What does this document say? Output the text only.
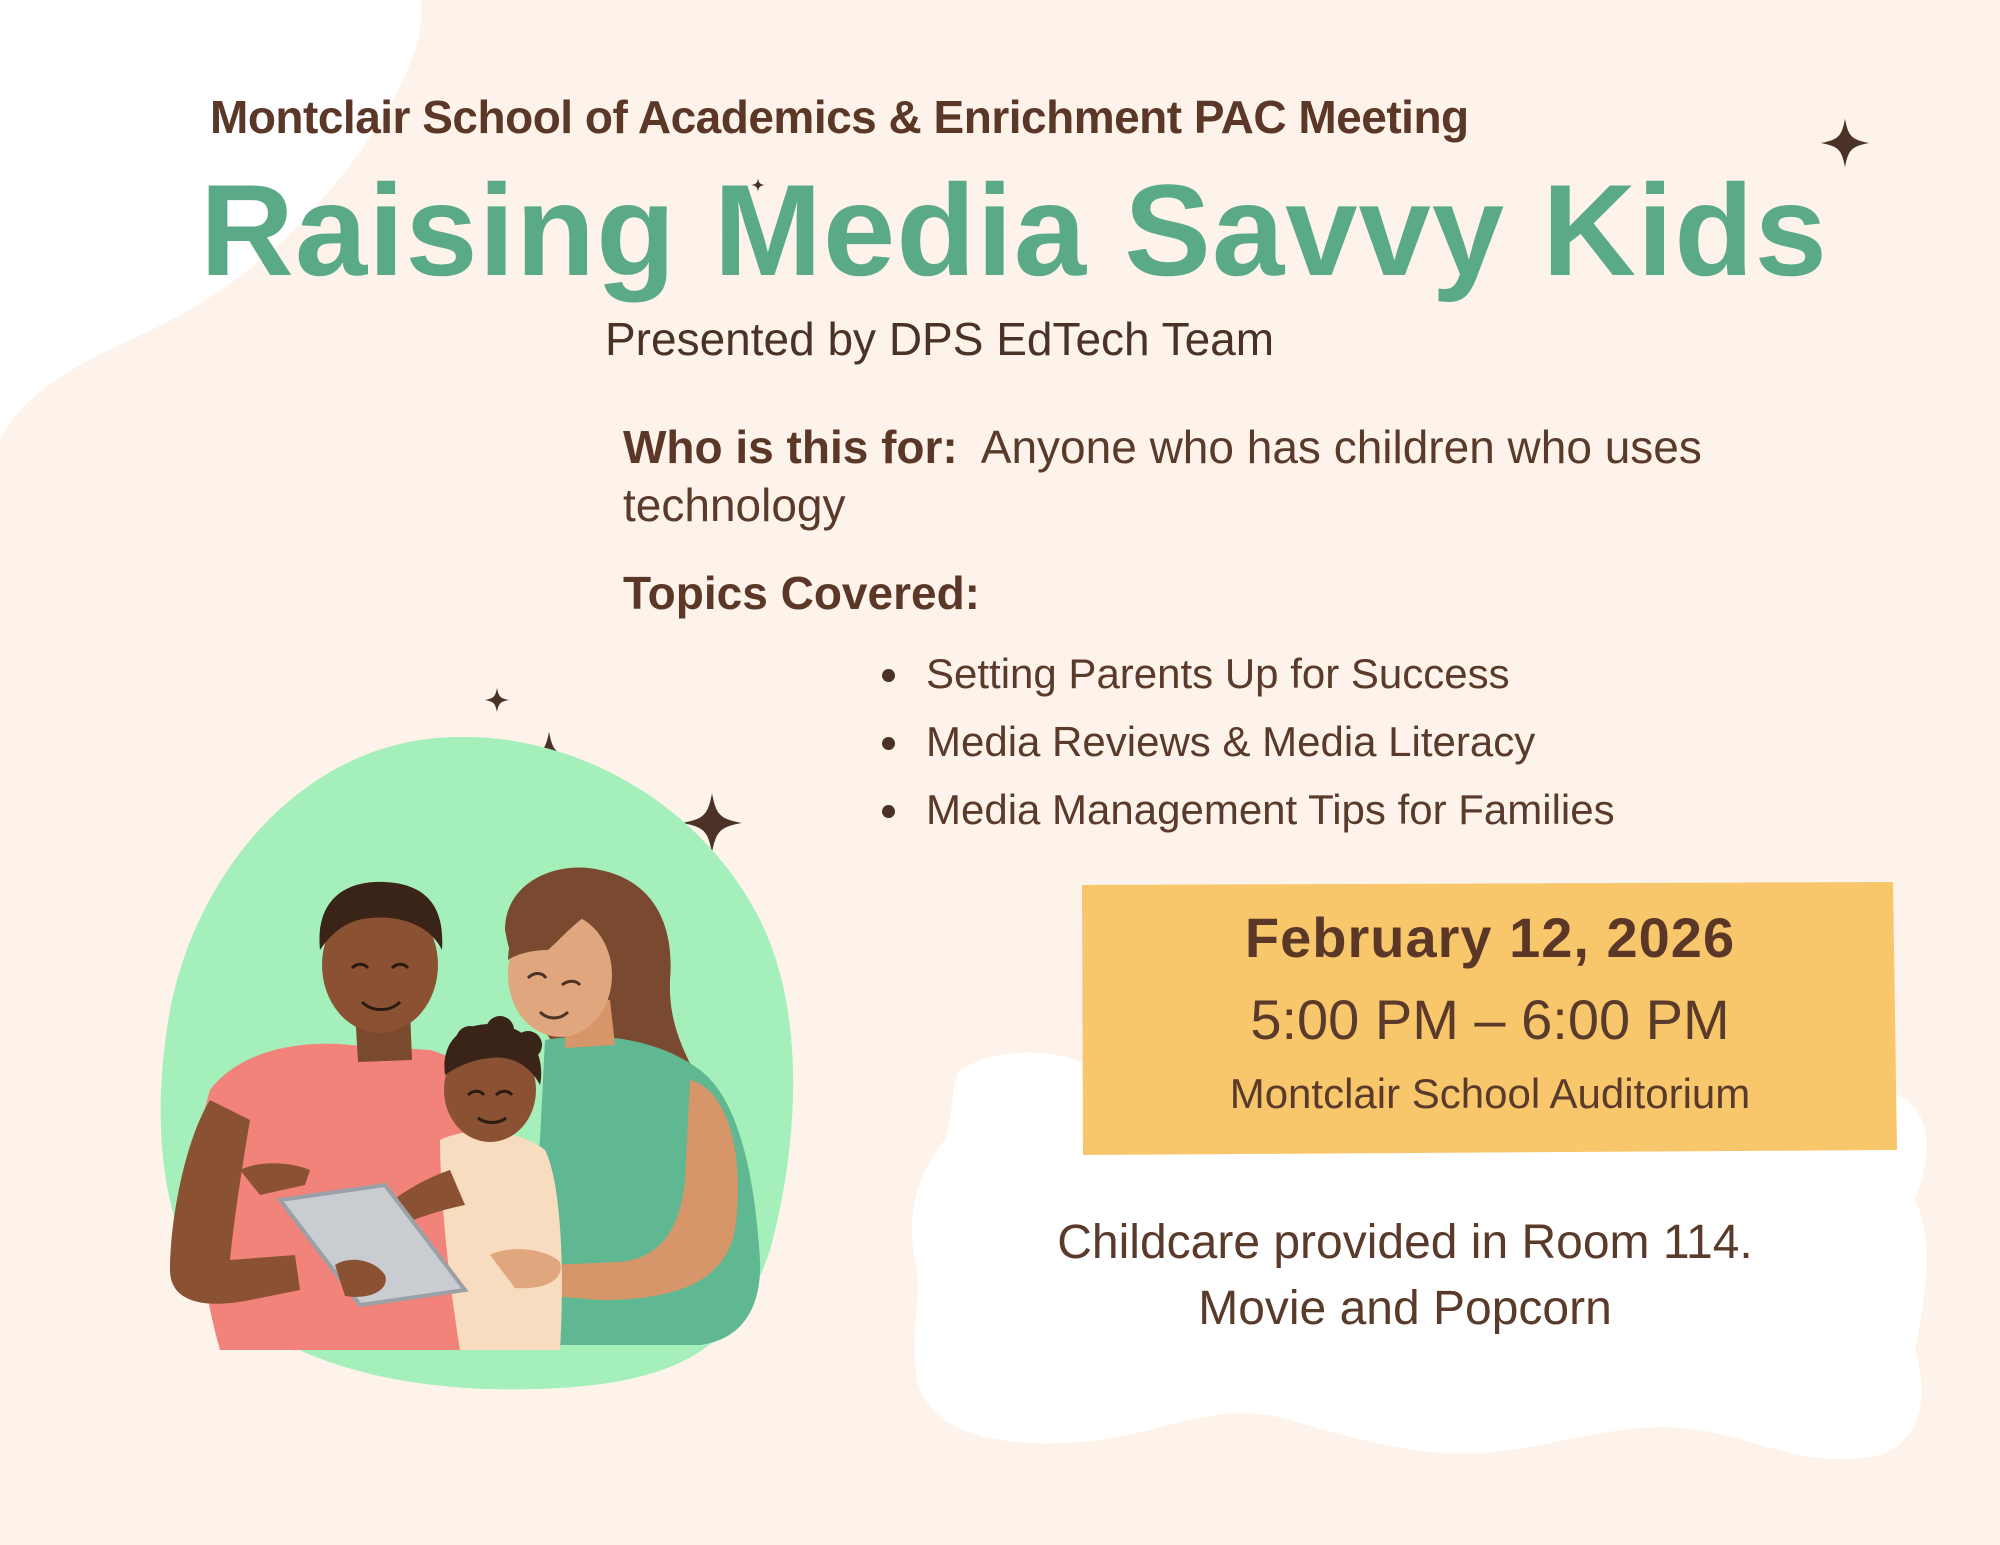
Montclair School of Academics & Enrichment PAC Meeting
Raising Media Savvy Kids
Presented by DPS EdTech Team
Who is this for: Anyone who has children who uses technology
Topics Covered:
Setting Parents Up for Success
Media Reviews & Media Literacy
Media Management Tips for Families
February 12, 2026
5:00 PM – 6:00 PM
Montclair School Auditorium
Childcare provided in Room 114.
Movie and Popcorn
